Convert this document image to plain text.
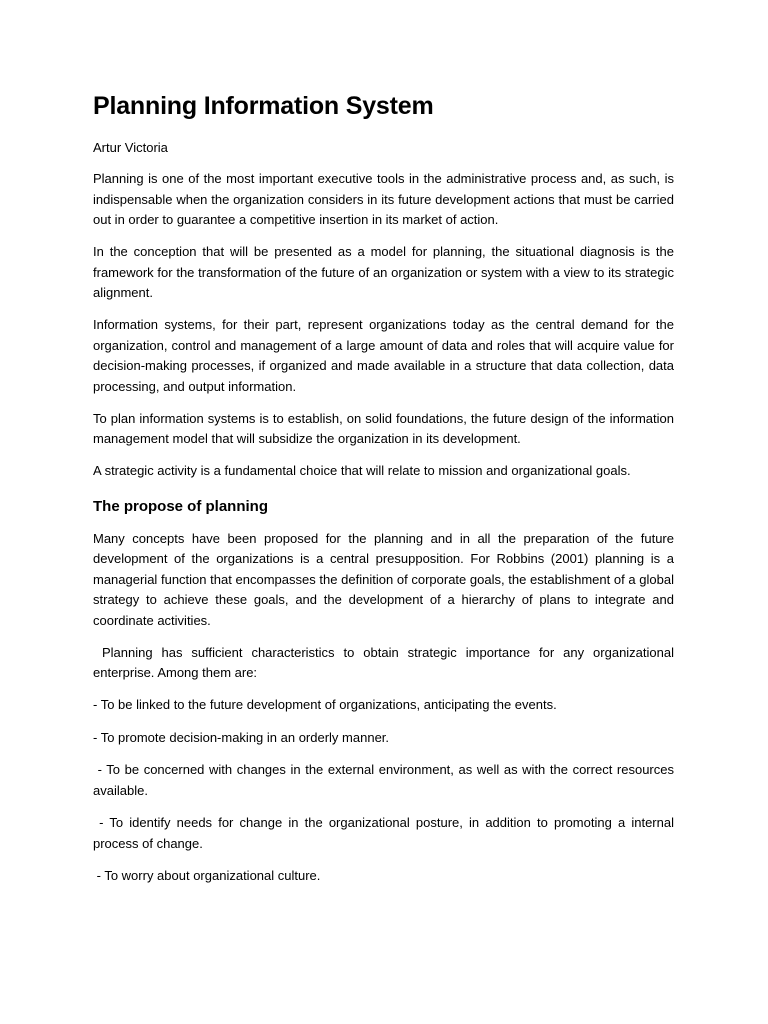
Planning Information System

Artur Victoria

Planning is one of the most important executive tools in the administrative process and, as such, is indispensable when the organization considers in its future development actions that must be carried out in order to guarantee a competitive insertion in its market of action.

In the conception that will be presented as a model for planning, the situational diagnosis is the framework for the transformation of the future of an organization or system with a view to its strategic alignment.

Information systems, for their part, represent organizations today as the central demand for the organization, control and management of a large amount of data and roles that will acquire value for decision-making processes, if organized and made available in a structure that data collection, data processing, and output information.

To plan information systems is to establish, on solid foundations, the future design of the information management model that will subsidize the organization in its development.

A strategic activity is a fundamental choice that will relate to mission and organizational goals.

The propose of planning

Many concepts have been proposed for the planning and in all the preparation of the future development of the organizations is a central presupposition. For Robbins (2001) planning is a managerial function that encompasses the definition of corporate goals, the establishment of a global strategy to achieve these goals, and the development of a hierarchy of plans to integrate and coordinate activities.

Planning has sufficient characteristics to obtain strategic importance for any organizational enterprise. Among them are:

- To be linked to the future development of organizations, anticipating the events.

- To promote decision-making in an orderly manner.

- To be concerned with changes in the external environment, as well as with the correct resources available.

- To identify needs for change in the organizational posture, in addition to promoting a internal process of change.

- To worry about organizational culture.
